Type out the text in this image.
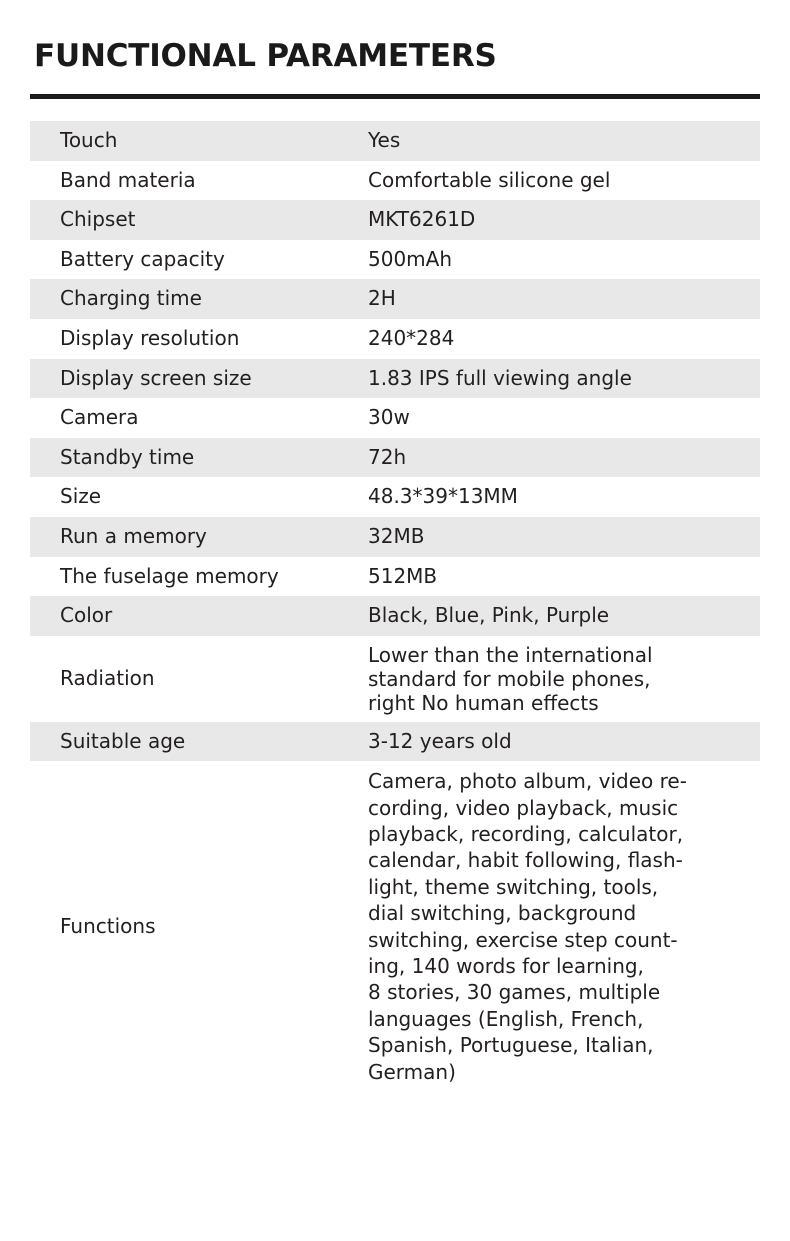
FUNCTIONAL PARAMETERS
Touch	Yes

Band materia	Comfortable silicone gel

Chipset	MKT6261D

Battery capacity	500mAh

Charging time	2H

Display resolution	240*284

Display screen size	1.83 IPS full viewing angle

Camera	30w

Standby time	72h

Size	48.3*39*13MM

Run a memory	32MB

The fuselage memory	512MB

Color	Black, Blue, Pink, Purple

Radiation	Lower than the international
standard for mobile phones,
right No human effects

Suitable age	3-12 years old

Functions	
Camera, photo album, video re-
cording, video playback, music
playback, recording, calculator,
calendar, habit following, flash-
light, theme switching, tools,
dial switching, background
switching, exercise step count-
ing, 140 words for learning,
8 stories, 30 games, multiple
languages (English, French,
Spanish, Portuguese, Italian,
German)
